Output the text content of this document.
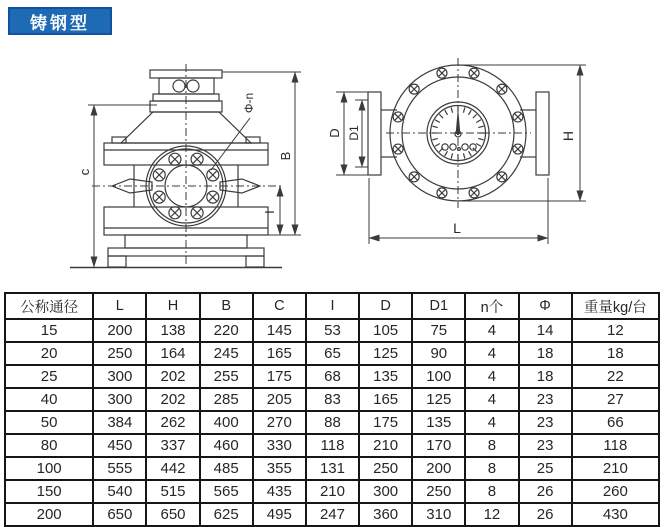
铸钢型
c
B
I
Φ-n
D D1	H
L
公称通径	L	H	B	C	I	D	D1	n个	Φ	重量kg/台
15	200	138	220	145	53	105	75	4	14	12
20	250	164	245	165	65	125	90	4	18	18
25	300	202	255	175	68	135	100	4	18	22
40	300	202	285	205	83	165	125	4	23	27
50	384	262	400	270	88	175	135	4	23	66
80	450	337	460	330	118	210	170	8	23	118
100	555	442	485	355	131	250	200	8	25	210
150	540	515	565	435	210	300	250	8	26	260
200	650	650	625	495	247	360	310	12	26	430
